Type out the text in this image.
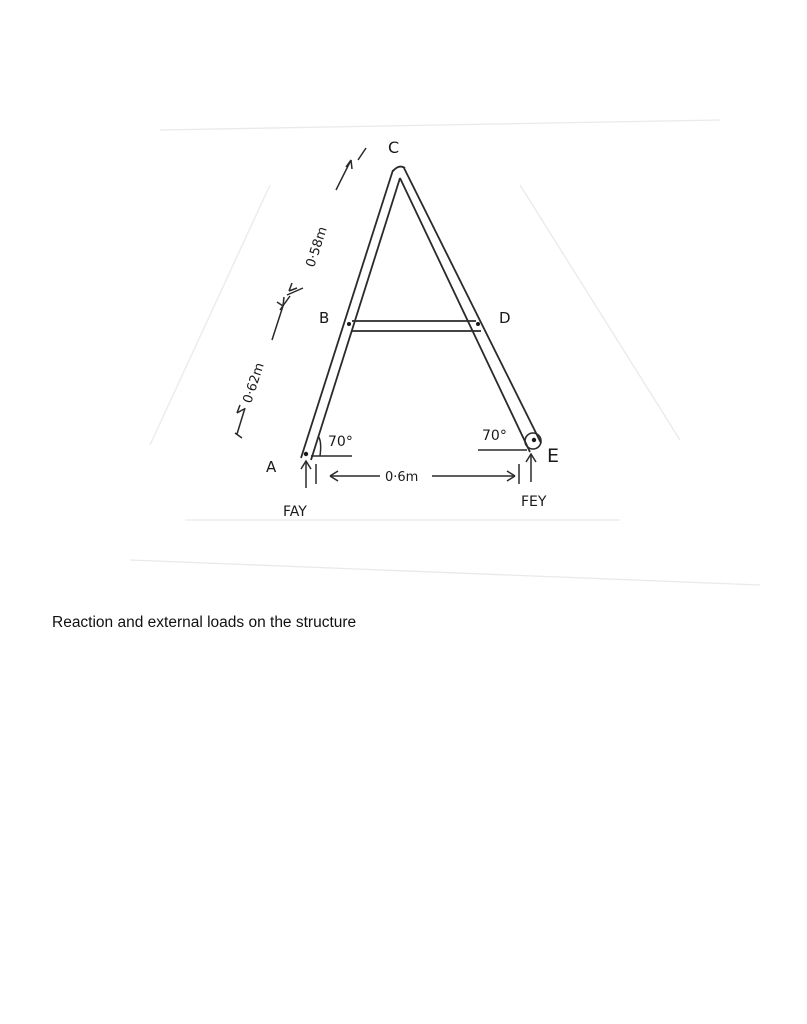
A
B
C
D
E
70°	70°
0·62m
0·58m
0·6m
FAY
FEY
Reaction and external loads on the structure
